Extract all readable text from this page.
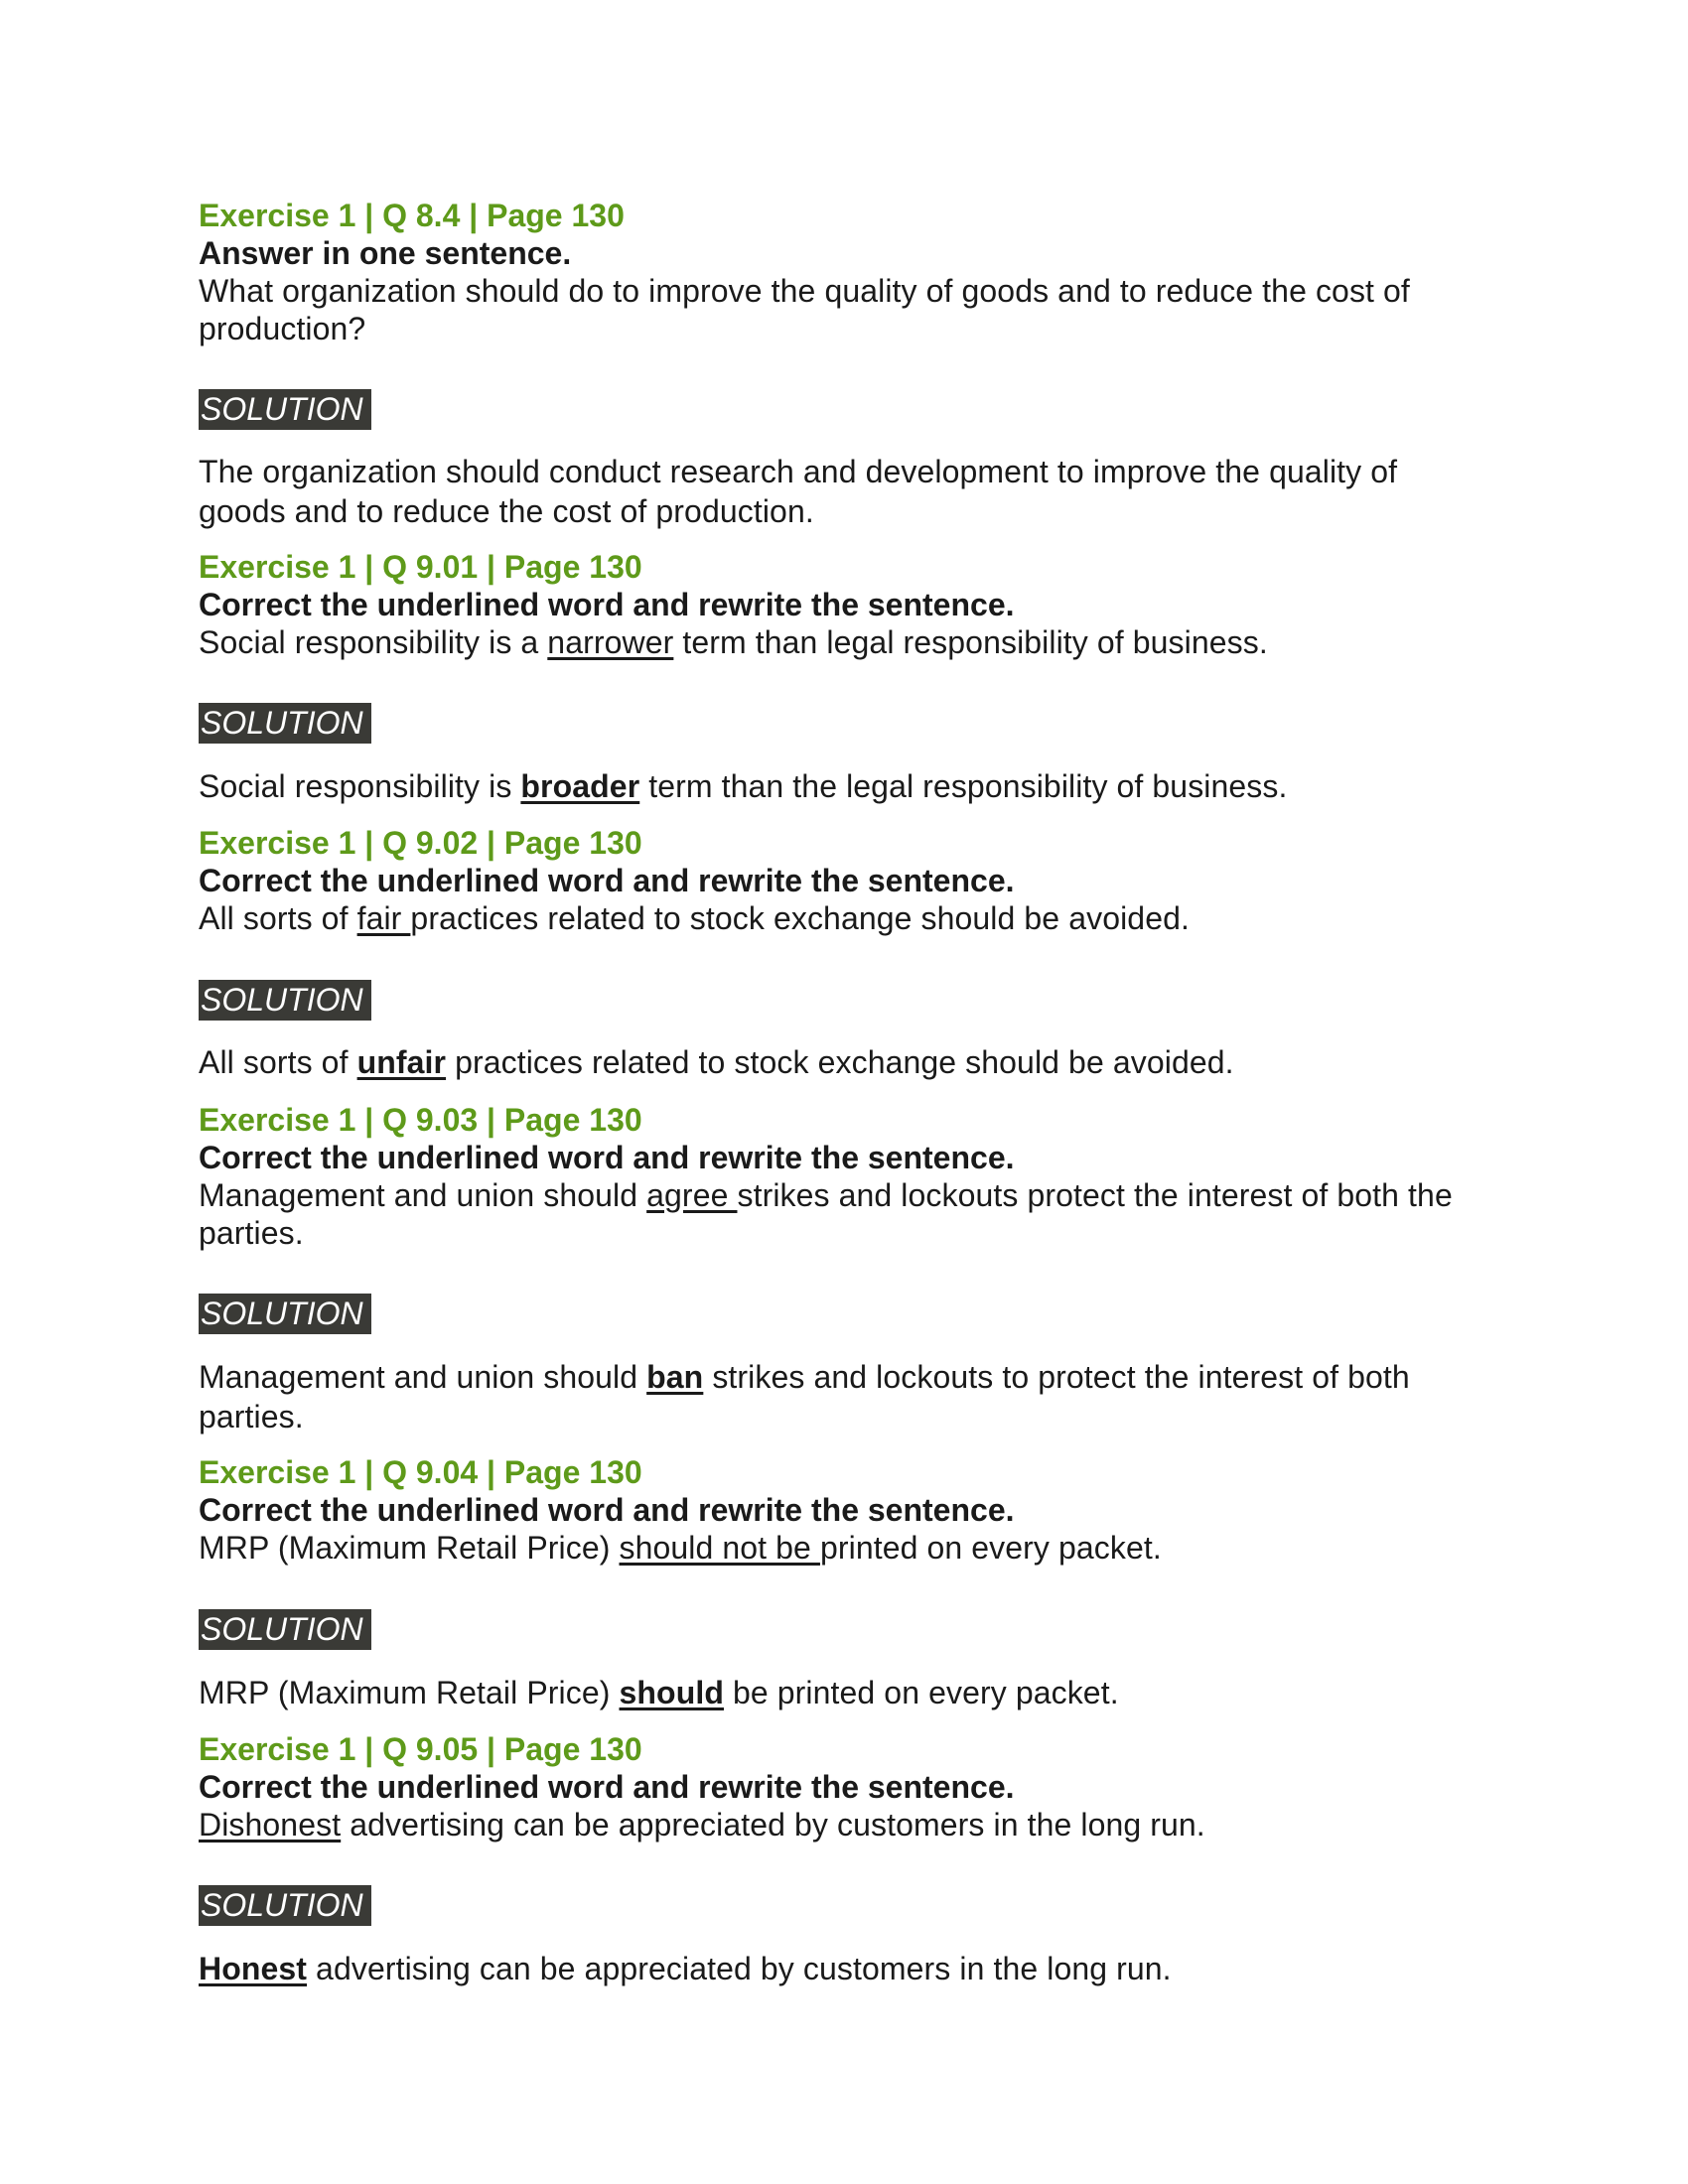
Exercise 1 | Q 8.4 | Page 130

Answer in one sentence.

What organization should do to improve the quality of goods and to reduce the cost of production?

SOLUTION

The organization should conduct research and development to improve the quality of goods and to reduce the cost of production.

Exercise 1 | Q 9.01 | Page 130

Correct the underlined word and rewrite the sentence.

Social responsibility is a narrower term than legal responsibility of business.

SOLUTION

Social responsibility is broader term than the legal responsibility of business.

Exercise 1 | Q 9.02 | Page 130

Correct the underlined word and rewrite the sentence.

All sorts of fair practices related to stock exchange should be avoided.

SOLUTION

All sorts of unfair practices related to stock exchange should be avoided.

Exercise 1 | Q 9.03 | Page 130

Correct the underlined word and rewrite the sentence.

Management and union should agree strikes and lockouts protect the interest of both the parties.

SOLUTION

Management and union should ban strikes and lockouts to protect the interest of both parties.

Exercise 1 | Q 9.04 | Page 130

Correct the underlined word and rewrite the sentence.

MRP (Maximum Retail Price) should not be printed on every packet.

SOLUTION

MRP (Maximum Retail Price) should be printed on every packet.

Exercise 1 | Q 9.05 | Page 130

Correct the underlined word and rewrite the sentence.

Dishonest advertising can be appreciated by customers in the long run.

SOLUTION

Honest advertising can be appreciated by customers in the long run.
